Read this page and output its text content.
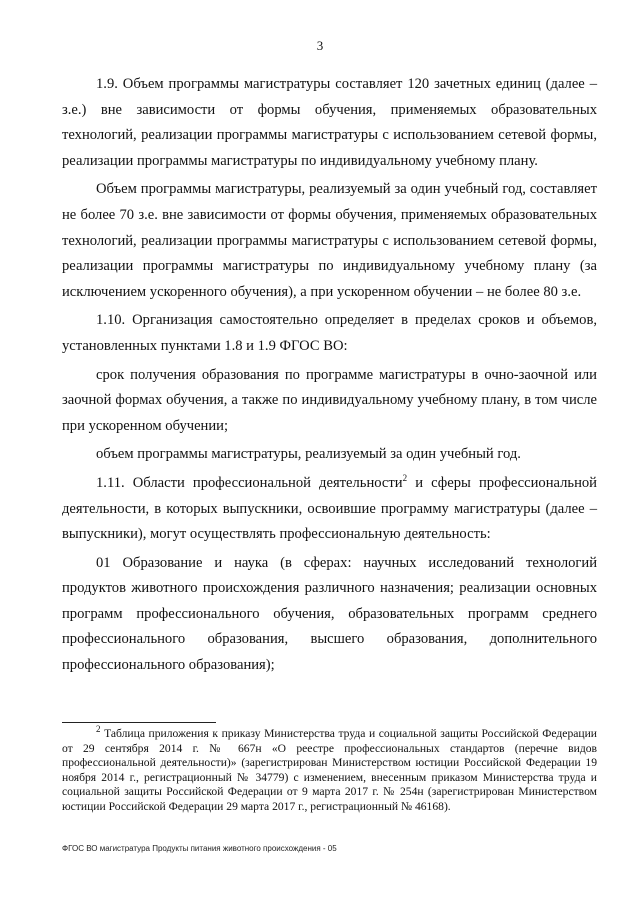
3

1.9. Объем программы магистратуры составляет 120 зачетных единиц (далее – з.е.) вне зависимости от формы обучения, применяемых образовательных технологий, реализации программы магистратуры с использованием сетевой формы, реализации программы магистратуры по индивидуальному учебному плану.

Объем программы магистратуры, реализуемый за один учебный год, составляет не более 70 з.е. вне зависимости от формы обучения, применяемых образовательных технологий, реализации программы магистратуры с использованием сетевой формы, реализации программы магистратуры по индивидуальному учебному плану (за исключением ускоренного обучения), а при ускоренном обучении – не более 80 з.е.

1.10. Организация самостоятельно определяет в пределах сроков и объемов, установленных пунктами 1.8 и 1.9 ФГОС ВО:

срок получения образования по программе магистратуры в очно-заочной или заочной формах обучения, а также по индивидуальному учебному плану, в том числе при ускоренном обучении;

объем программы магистратуры, реализуемый за один учебный год.

1.11. Области профессиональной деятельности$^2$ и сферы профессиональной деятельности, в которых выпускники, освоившие программу магистратуры (далее – выпускники), могут осуществлять профессиональную деятельность:

01 Образование и наука (в сферах: научных исследований технологий продуктов животного происхождения различного назначения; реализации основных программ профессионального обучения, образовательных программ среднего профессионального образования, высшего образования, дополнительного профессионального образования);

$^2$ Таблица приложения к приказу Министерства труда и социальной защиты Российской Федерации от 29 сентября 2014 г. № 667н «О реестре профессиональных стандартов (перечне видов профессиональной деятельности)» (зарегистрирован Министерством юстиции Российской Федерации 19 ноября 2014 г., регистрационный № 34779) с изменением, внесенным приказом Министерства труда и социальной защиты Российской Федерации от 9 марта 2017 г. № 254н (зарегистрирован Министерством юстиции Российской Федерации 29 марта 2017 г., регистрационный № 46168).
ФГОС ВО магистратура Продукты питания животного происхождения - 05
